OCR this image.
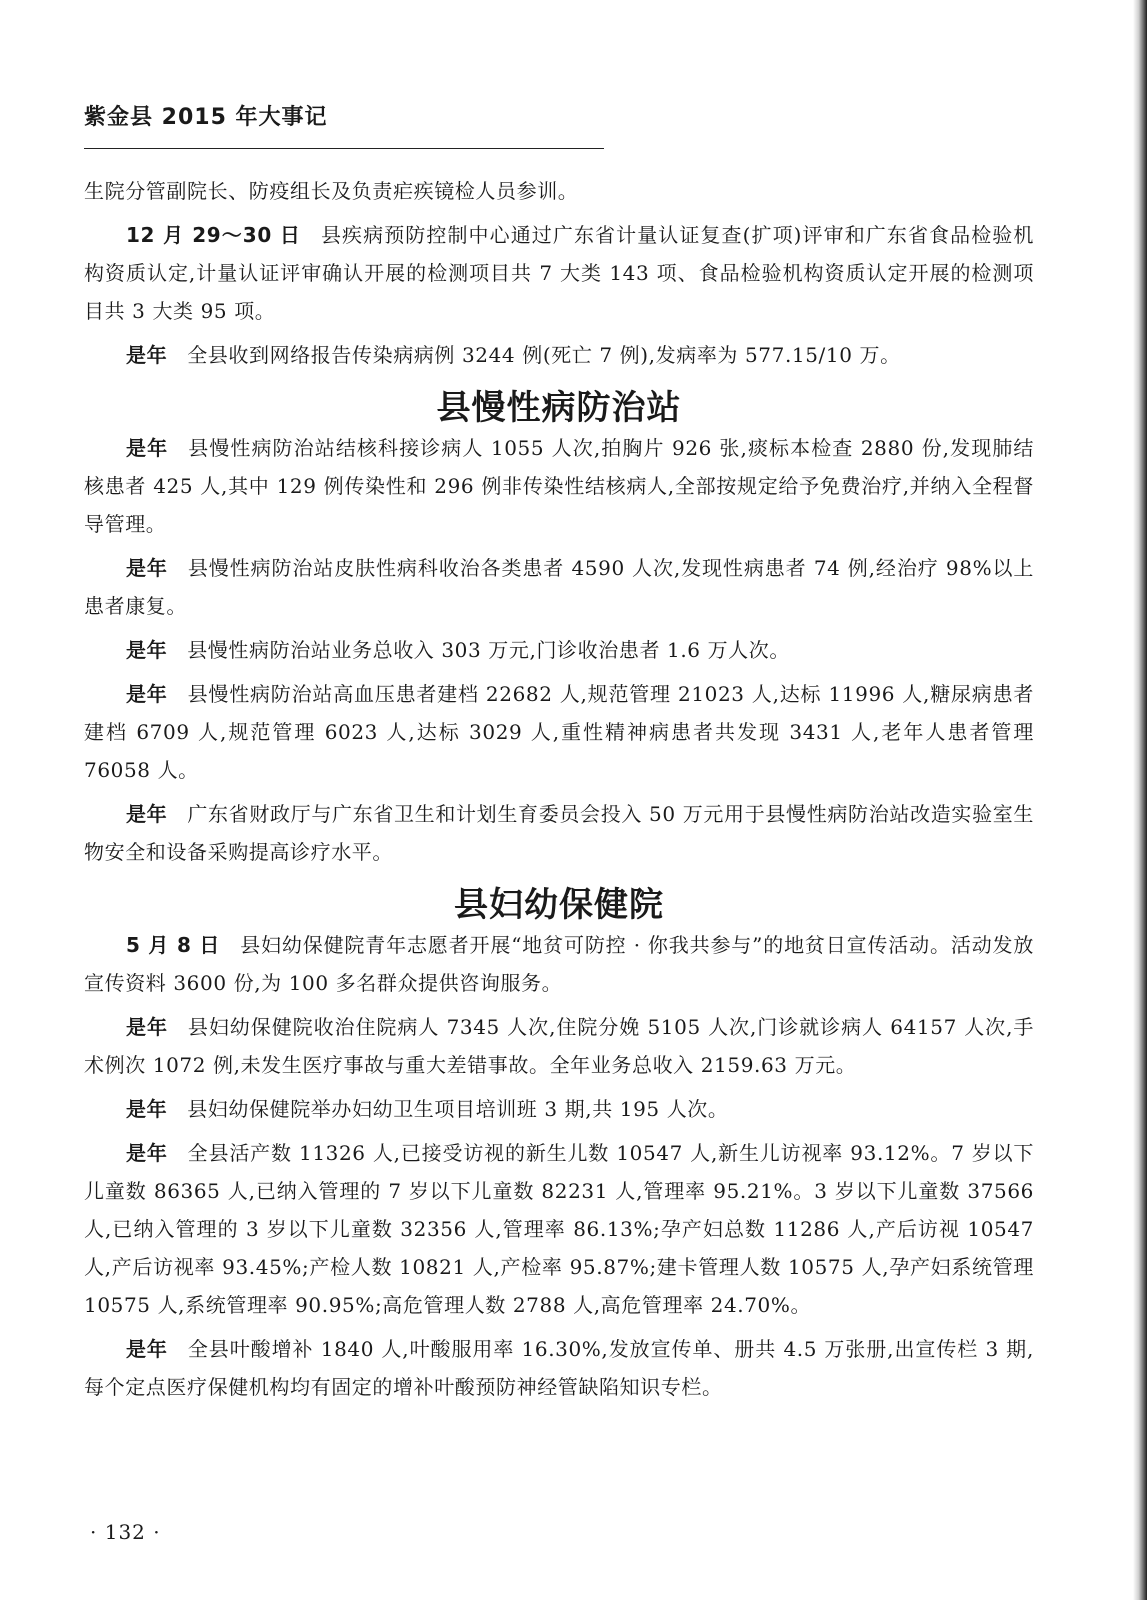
紫金县 2015 年大事记

生院分管副院长、防疫组长及负责疟疾镜检人员参训。

12 月 29～30 日 县疾病预防控制中心通过广东省计量认证复查(扩项)评审和广东省食品检验机构资质认定,计量认证评审确认开展的检测项目共 7 大类 143 项、食品检验机构资质认定开展的检测项目共 3 大类 95 项。

是年 全县收到网络报告传染病病例 3244 例(死亡 7 例),发病率为 577.15/10 万。

县慢性病防治站

是年 县慢性病防治站结核科接诊病人 1055 人次,拍胸片 926 张,痰标本检查 2880 份,发现肺结核患者 425 人,其中 129 例传染性和 296 例非传染性结核病人,全部按规定给予免费治疗,并纳入全程督导管理。

是年 县慢性病防治站皮肤性病科收治各类患者 4590 人次,发现性病患者 74 例,经治疗 98%以上患者康复。

是年 县慢性病防治站业务总收入 303 万元,门诊收治患者 1.6 万人次。

是年 县慢性病防治站高血压患者建档 22682 人,规范管理 21023 人,达标 11996 人,糖尿病患者建档 6709 人,规范管理 6023 人,达标 3029 人,重性精神病患者共发现 3431 人,老年人患者管理 76058 人。

是年 广东省财政厅与广东省卫生和计划生育委员会投入 50 万元用于县慢性病防治站改造实验室生物安全和设备采购提高诊疗水平。

县妇幼保健院

5 月 8 日 县妇幼保健院青年志愿者开展“地贫可防控 · 你我共参与”的地贫日宣传活动。活动发放宣传资料 3600 份,为 100 多名群众提供咨询服务。

是年 县妇幼保健院收治住院病人 7345 人次,住院分娩 5105 人次,门诊就诊病人 64157 人次,手术例次 1072 例,未发生医疗事故与重大差错事故。全年业务总收入 2159.63 万元。

是年 县妇幼保健院举办妇幼卫生项目培训班 3 期,共 195 人次。

是年 全县活产数 11326 人,已接受访视的新生儿数 10547 人,新生儿访视率 93.12%。7 岁以下儿童数 86365 人,已纳入管理的 7 岁以下儿童数 82231 人,管理率 95.21%。3 岁以下儿童数 37566 人,已纳入管理的 3 岁以下儿童数 32356 人,管理率 86.13%;孕产妇总数 11286 人,产后访视 10547 人,产后访视率 93.45%;产检人数 10821 人,产检率 95.87%;建卡管理人数 10575 人,孕产妇系统管理 10575 人,系统管理率 90.95%;高危管理人数 2788 人,高危管理率 24.70%。

是年 全县叶酸增补 1840 人,叶酸服用率 16.30%,发放宣传单、册共 4.5 万张册,出宣传栏 3 期,每个定点医疗保健机构均有固定的增补叶酸预防神经管缺陷知识专栏。

· 132 ·
